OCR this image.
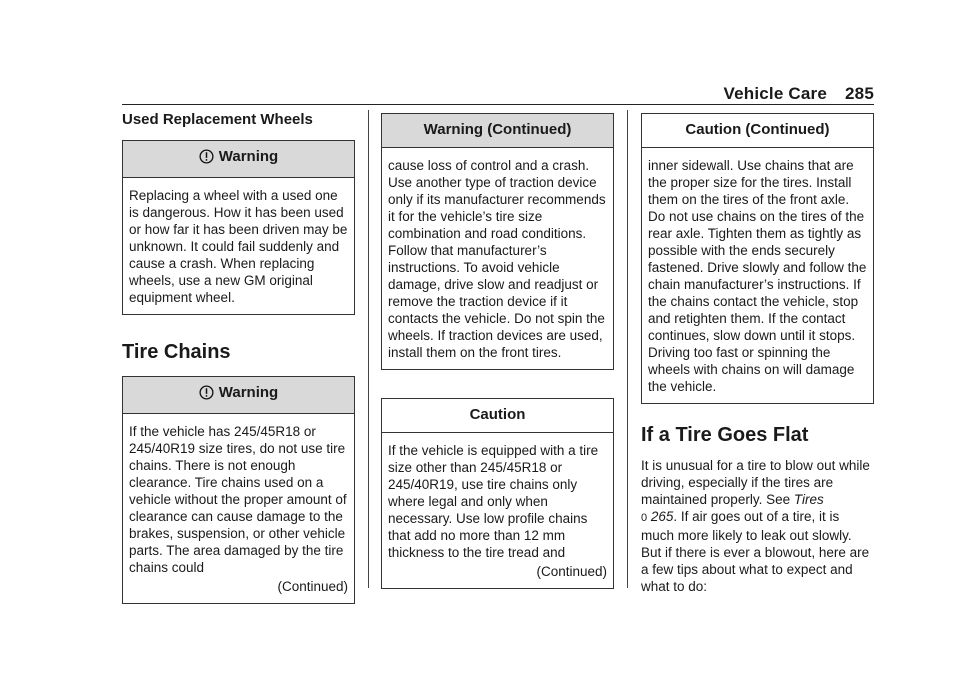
Vehicle Care 285
Used Replacement Wheels
Warning
Replacing a wheel with a used one is dangerous. How it has been used or how far it has been driven may be unknown. It could fail suddenly and cause a crash. When replacing wheels, use a new GM original equipment wheel.
Tire Chains
Warning
If the vehicle has 245/45R18 or 245/40R19 size tires, do not use tire chains. There is not enough clearance. Tire chains used on a vehicle without the proper amount of clearance can cause damage to the brakes, suspension, or other vehicle parts. The area damaged by the tire chains could
(Continued)
Warning (Continued)
cause loss of control and a crash. Use another type of traction device only if its manufacturer recommends it for the vehicle’s tire size combination and road conditions. Follow that manufacturer’s instructions. To avoid vehicle damage, drive slow and readjust or remove the traction device if it contacts the vehicle. Do not spin the wheels. If traction devices are used, install them on the front tires.
Caution
If the vehicle is equipped with a tire size other than 245/45R18 or 245/40R19, use tire chains only where legal and only when necessary. Use low profile chains that add no more than 12 mm thickness to the tire tread and
(Continued)
Caution (Continued)
inner sidewall. Use chains that are the proper size for the tires. Install them on the tires of the front axle. Do not use chains on the tires of the rear axle. Tighten them as tightly as possible with the ends securely fastened. Drive slowly and follow the chain manufacturer’s instructions. If the chains contact the vehicle, stop and retighten them. If the contact continues, slow down until it stops. Driving too fast or spinning the wheels with chains on will damage the vehicle.
If a Tire Goes Flat
It is unusual for a tire to blow out while driving, especially if the tires are maintained properly. See Tires
0 265. If air goes out of a tire, it is much more likely to leak out slowly. But if there is ever a blowout, here are a few tips about what to expect and what to do:
